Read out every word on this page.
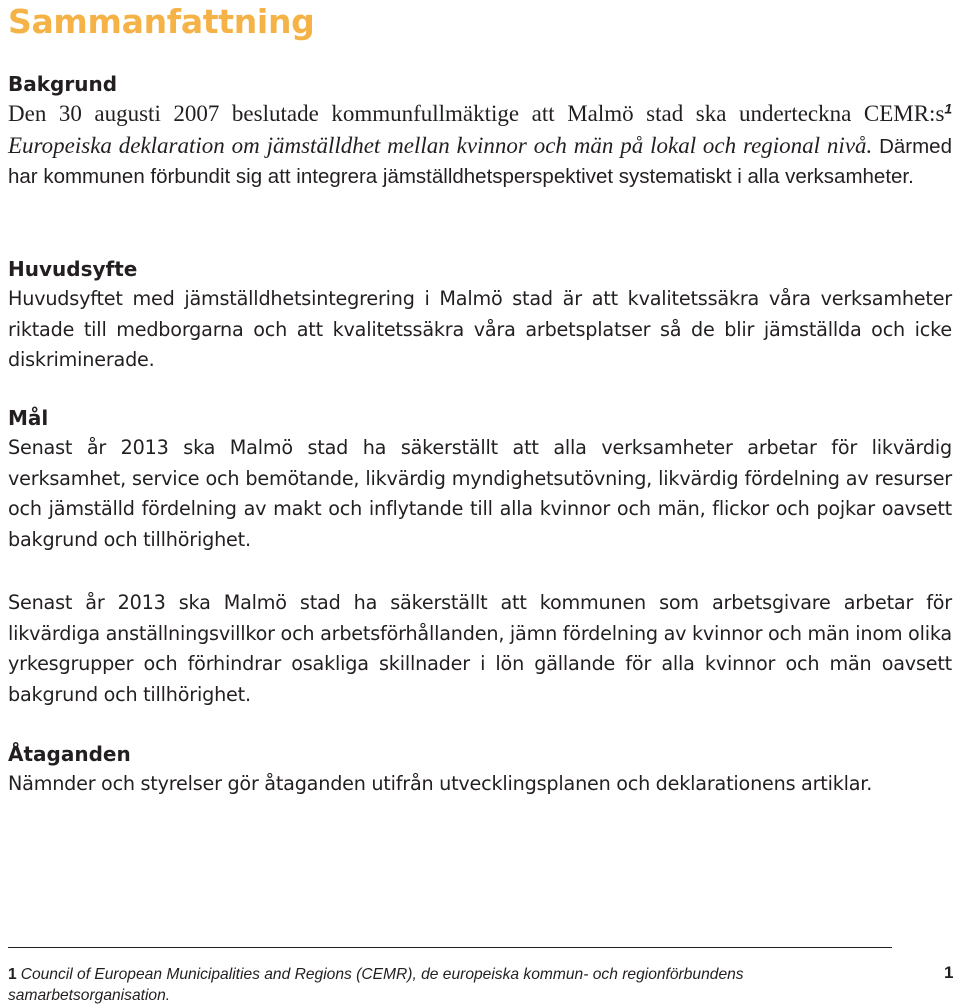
Sammanfattning
Bakgrund

Den 30 augusti 2007 beslutade kommunfullmäktige att Malmö stad ska underteckna CEMR:s$^1$ Europeiska deklaration om jämställdhet mellan kvinnor och män på lokal och regional nivå. Därmed har kommunen förbundit sig att integrera jämställdhetsperspektivet systematiskt i alla verksamheter.

Huvudsyfte

Huvudsyftet med jämställdhetsintegrering i Malmö stad är att kvalitetssäkra våra verksamheter riktade till medborgarna och att kvalitetssäkra våra arbetsplatser så de blir jämställda och icke diskriminerade.

Mål

Senast år 2013 ska Malmö stad ha säkerställt att alla verksamheter arbetar för likvärdig verksamhet, service och bemötande, likvärdig myndighetsutövning, likvärdig fördelning av resurser och jämställd fördelning av makt och inflytande till alla kvinnor och män, flickor och pojkar oavsett bakgrund och tillhörighet.

Senast år 2013 ska Malmö stad ha säkerställt att kommunen som arbetsgivare arbetar för likvärdiga anställningsvillkor och arbetsförhållanden, jämn fördelning av kvinnor och män inom olika yrkesgrupper och förhindrar osakliga skillnader i lön gällande för alla kvinnor och män oavsett bakgrund och tillhörighet.

Åtaganden

Nämnder och styrelser gör åtaganden utifrån utvecklingsplanen och deklarationens artiklar.

1 Council of European Municipalities and Regions (CEMR), de europeiska kommun- och regionförbundens samarbetsorganisation.

1
